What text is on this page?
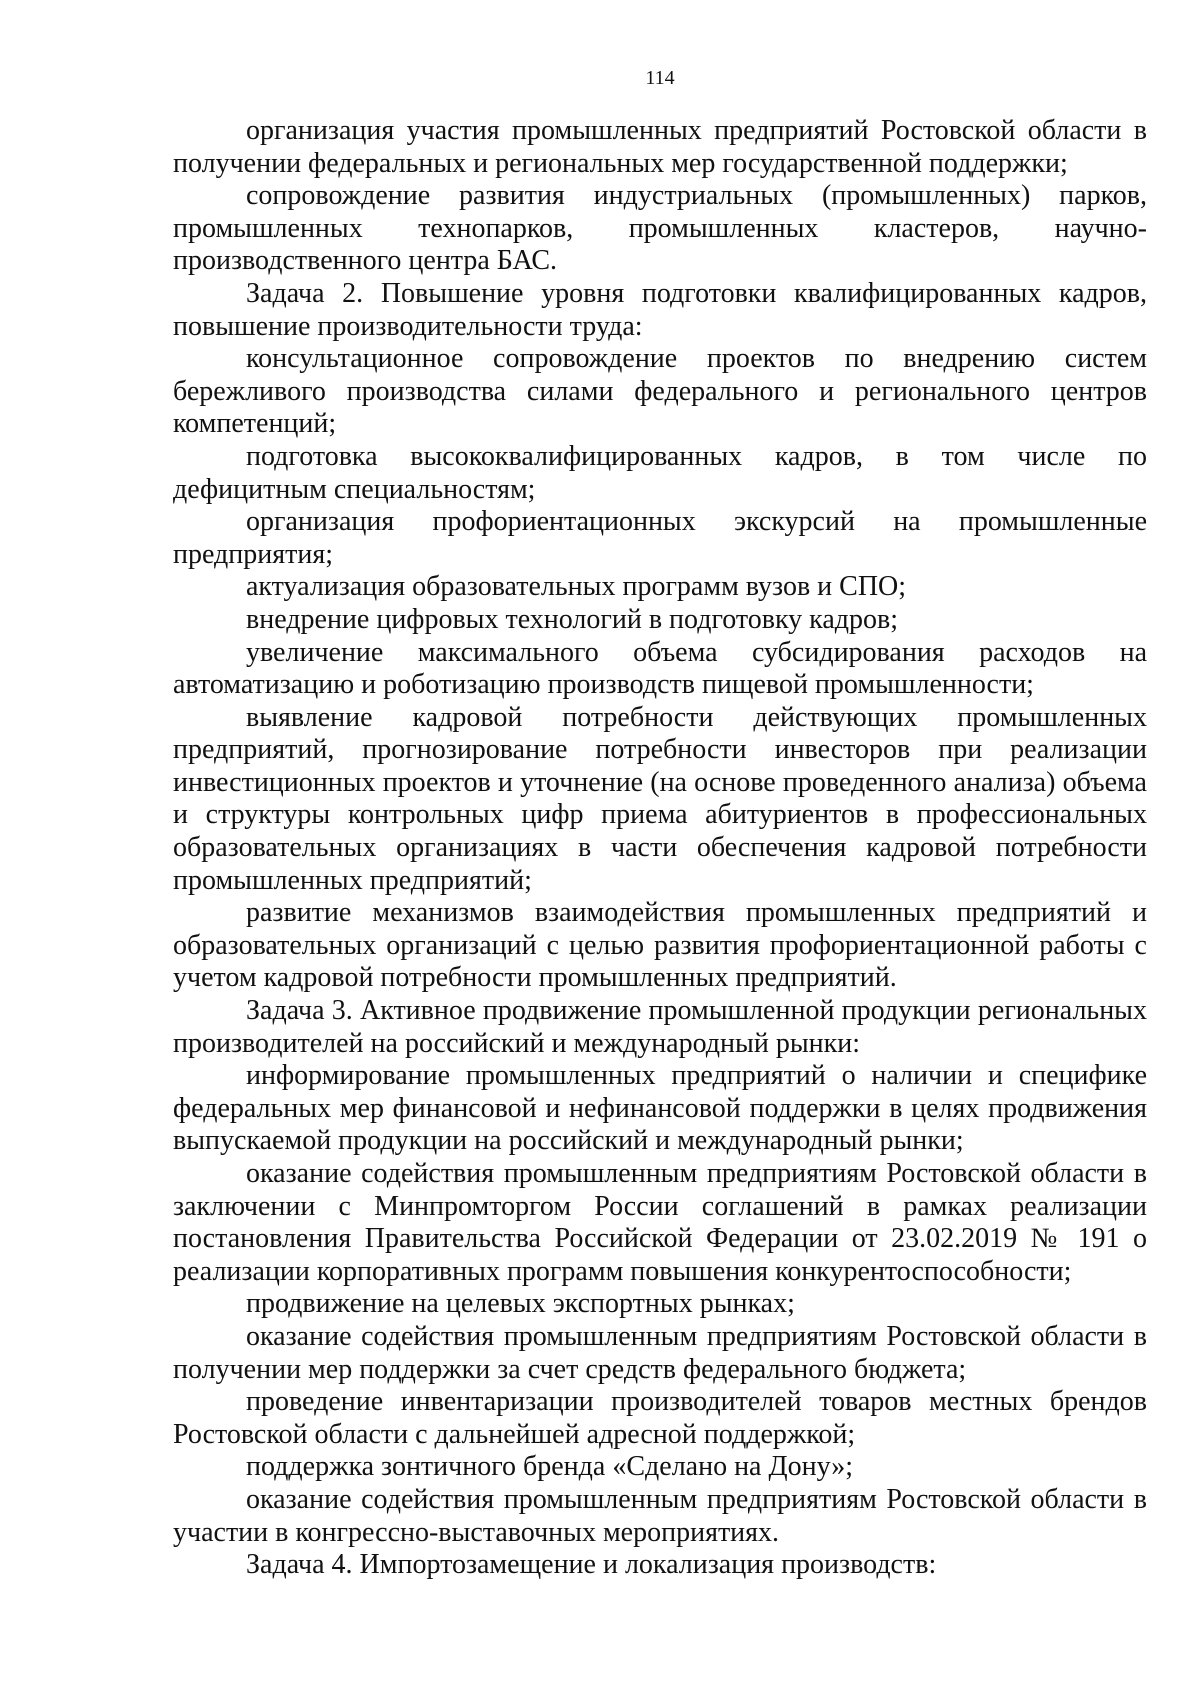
114

организация участия промышленных предприятий Ростовской области в получении федеральных и региональных мер государственной поддержки;

сопровождение развития индустриальных (промышленных) парков, промышленных технопарков, промышленных кластеров, научно-производственного центра БАС.

Задача 2. Повышение уровня подготовки квалифицированных кадров, повышение производительности труда:

консультационное сопровождение проектов по внедрению систем бережливого производства силами федерального и регионального центров компетенций;

подготовка высококвалифицированных кадров, в том числе по дефицитным специальностям;

организация профориентационных экскурсий на промышленные предприятия;

актуализация образовательных программ вузов и СПО;

внедрение цифровых технологий в подготовку кадров;

увеличение максимального объема субсидирования расходов на автоматизацию и роботизацию производств пищевой промышленности;

выявление кадровой потребности действующих промышленных предприятий, прогнозирование потребности инвесторов при реализации инвестиционных проектов и уточнение (на основе проведенного анализа) объема и структуры контрольных цифр приема абитуриентов в профессиональных образовательных организациях в части обеспечения кадровой потребности промышленных предприятий;

развитие механизмов взаимодействия промышленных предприятий и образовательных организаций с целью развития профориентационной работы с учетом кадровой потребности промышленных предприятий.

Задача 3. Активное продвижение промышленной продукции региональных производителей на российский и международный рынки:

информирование промышленных предприятий о наличии и специфике федеральных мер финансовой и нефинансовой поддержки в целях продвижения выпускаемой продукции на российский и международный рынки;

оказание содействия промышленным предприятиям Ростовской области в заключении с Минпромторгом России соглашений в рамках реализации постановления Правительства Российской Федерации от 23.02.2019 № 191 о реализации корпоративных программ повышения конкурентоспособности;

продвижение на целевых экспортных рынках;

оказание содействия промышленным предприятиям Ростовской области в получении мер поддержки за счет средств федерального бюджета;

проведение инвентаризации производителей товаров местных брендов Ростовской области с дальнейшей адресной поддержкой;

поддержка зонтичного бренда «Сделано на Дону»;

оказание содействия промышленным предприятиям Ростовской области в участии в конгрессно-выставочных мероприятиях.

Задача 4. Импортозамещение и локализация производств:
